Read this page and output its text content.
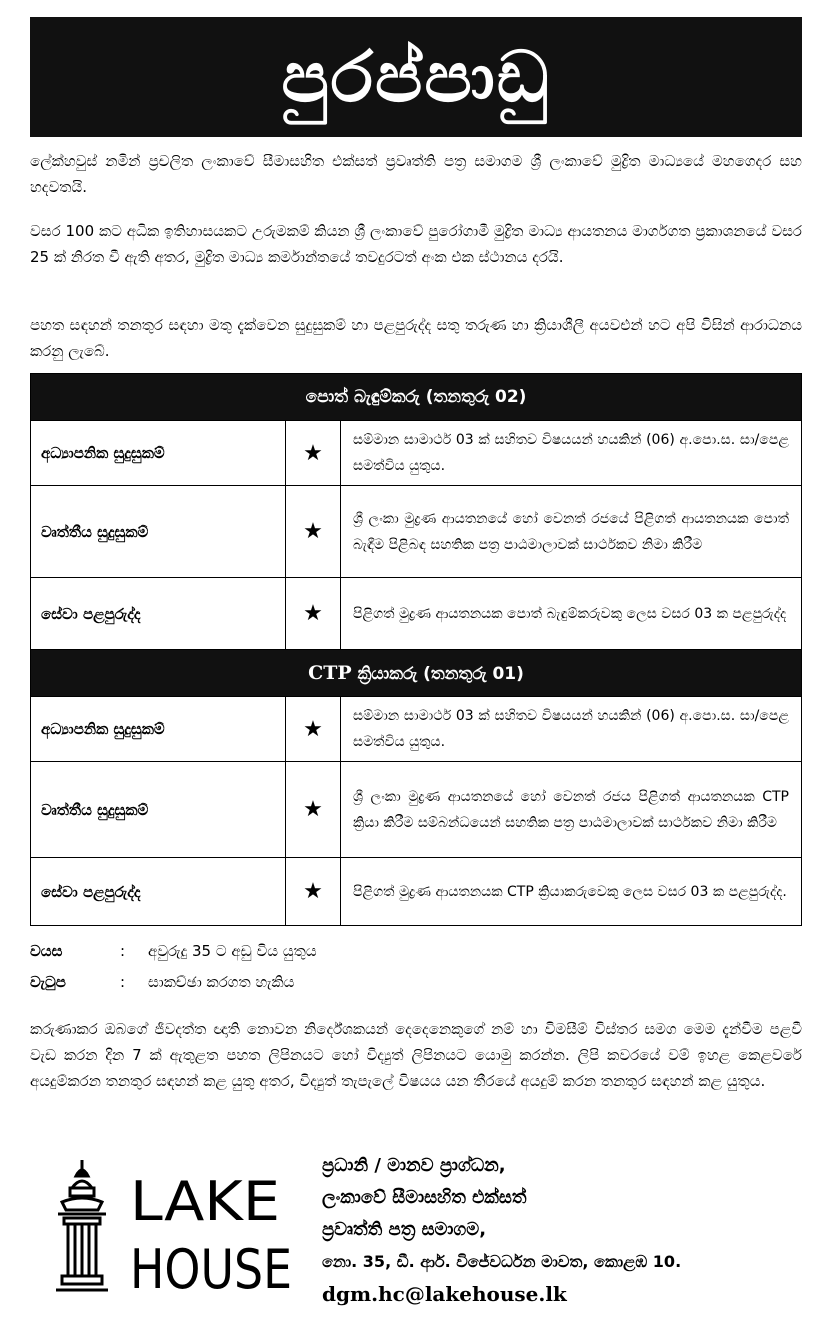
පුරප්පාඩු
ලේක්හවුස් නමින් ප්‍රචලිත ලංකාවේ සීමාසහිත එක්සත් ප්‍රවෘත්ති පත්‍ර සමාගම ශ්‍රී ලංකාවේ මුද්‍රිත මාධ්‍යයේ මහගෙදර සහ හදවතයි.
වසර 100 කට අධික ඉතිහාසයකට උරුමකම් කියන ශ්‍රී ලංකාවේ පුරෝගාමී මුද්‍රිත මාධ්‍ය ආයතනය මාර්ගගත ප්‍රකාශනයේ වසර 25 ක් නිරත වී ඇති අතර, මුද්‍රිත මාධ්‍ය කර්මාන්තයේ තවදුරටත් අංක එක ස්ථානය දරයි.
පහත සඳහන් තනතුර සඳහා මතු දැක්වෙන සුදුසුකම් හා පළපුරුද්ද සතු තරුණ හා ක්‍රියාශීලී අයවළුන් හට අපි විසින් ආරාධනය කරනු ලැබේ.
පොත් බැඳුම්කරු (තනතුරු 02)		
අධ්‍යාපනික සුදුසුකම්	★	සම්මාන සාමාර්ථ 03 ක් සහිතව විෂයයන් හයකින් (06) අ.පො.ස. සා/පෙළ සමත්විය යුතුය.
වෘත්තීය සුදුසුකම්	★	ශ්‍රී ලංකා මුද්‍රණ ආයතනයේ හෝ වෙනත් රජයේ පිළිගත් ආයතනයක පොත් බැඳීම පිළිබඳ සහතික පත්‍ර පාඨමාලාවක් සාර්ථකව නිමා කිරීම
සේවා පළපුරුද්ද	★	පිළිගත් මුද්‍රණ ආයතනයක පොත් බැඳුම්කරුවකු ලෙස වසර 03 ක පළපුරුද්ද
CTP ක්‍රියාකරු (තනතුරු 01)		
අධ්‍යාපනික සුදුසුකම්	★	සම්මාන සාමාර්ථ 03 ක් සහිතව විෂයයන් හයකින් (06) අ.පො.ස. සා/පෙළ සමත්විය යුතුය.
වෘත්තීය සුදුසුකම්	★	ශ්‍රී ලංකා මුද්‍රණ ආයතනයේ හෝ වෙනත් රජය පිළිගත් ආයතනයක CTP ක්‍රියා කිරීම සම්බන්ධයෙන් සහතික පත්‍ර පාඨමාලාවක් සාර්ථකව නිමා කිරීම
සේවා පළපුරුද්ද	★	පිළිගත් මුද්‍රණ ආයතනයක CTP ක්‍රියාකරුවෙකු ලෙස වසර 03 ක පළපුරුද්ද.
වයස	: අවුරුදු 35 ට අඩු විය යුතුය
වැටුප	: සාකච්ඡා කරගත හැකිය
කරුණාකර ඔබගේ ජීවදත්ත ඥාති නොවන නිර්දේශකයන් දෙදෙනෙකුගේ නම් හා විමසීම් විස්තර සමග මෙම දැන්වීම පළවී වැඩ කරන දින 7 ක් ඇතුළත පහත ලිපිනයට හෝ විද්‍යුත් ලිපිනයට යොමු කරන්න. ලිපි කවරයේ වම් ඉහළ කෙළවරේ අයදුම්කරන තනතුර සඳහන් කළ යුතු අතර, විද්‍යුත් තැපැලේ විෂයය යන තීරයේ අයදුම් කරන තනතුර සඳහන් කළ යුතුය.
LAKE
HOUSE
ප්‍රධානි / මානව ප්‍රාග්ධන,
ලංකාවේ සීමාසහිත එක්සත්
ප්‍රවෘත්ති පත්‍ර සමාගම,
නො. 35, ඩී. ආර්. විජේවර්ධන මාවත, කොළඹ 10.
dgm.hc@lakehouse.lk
